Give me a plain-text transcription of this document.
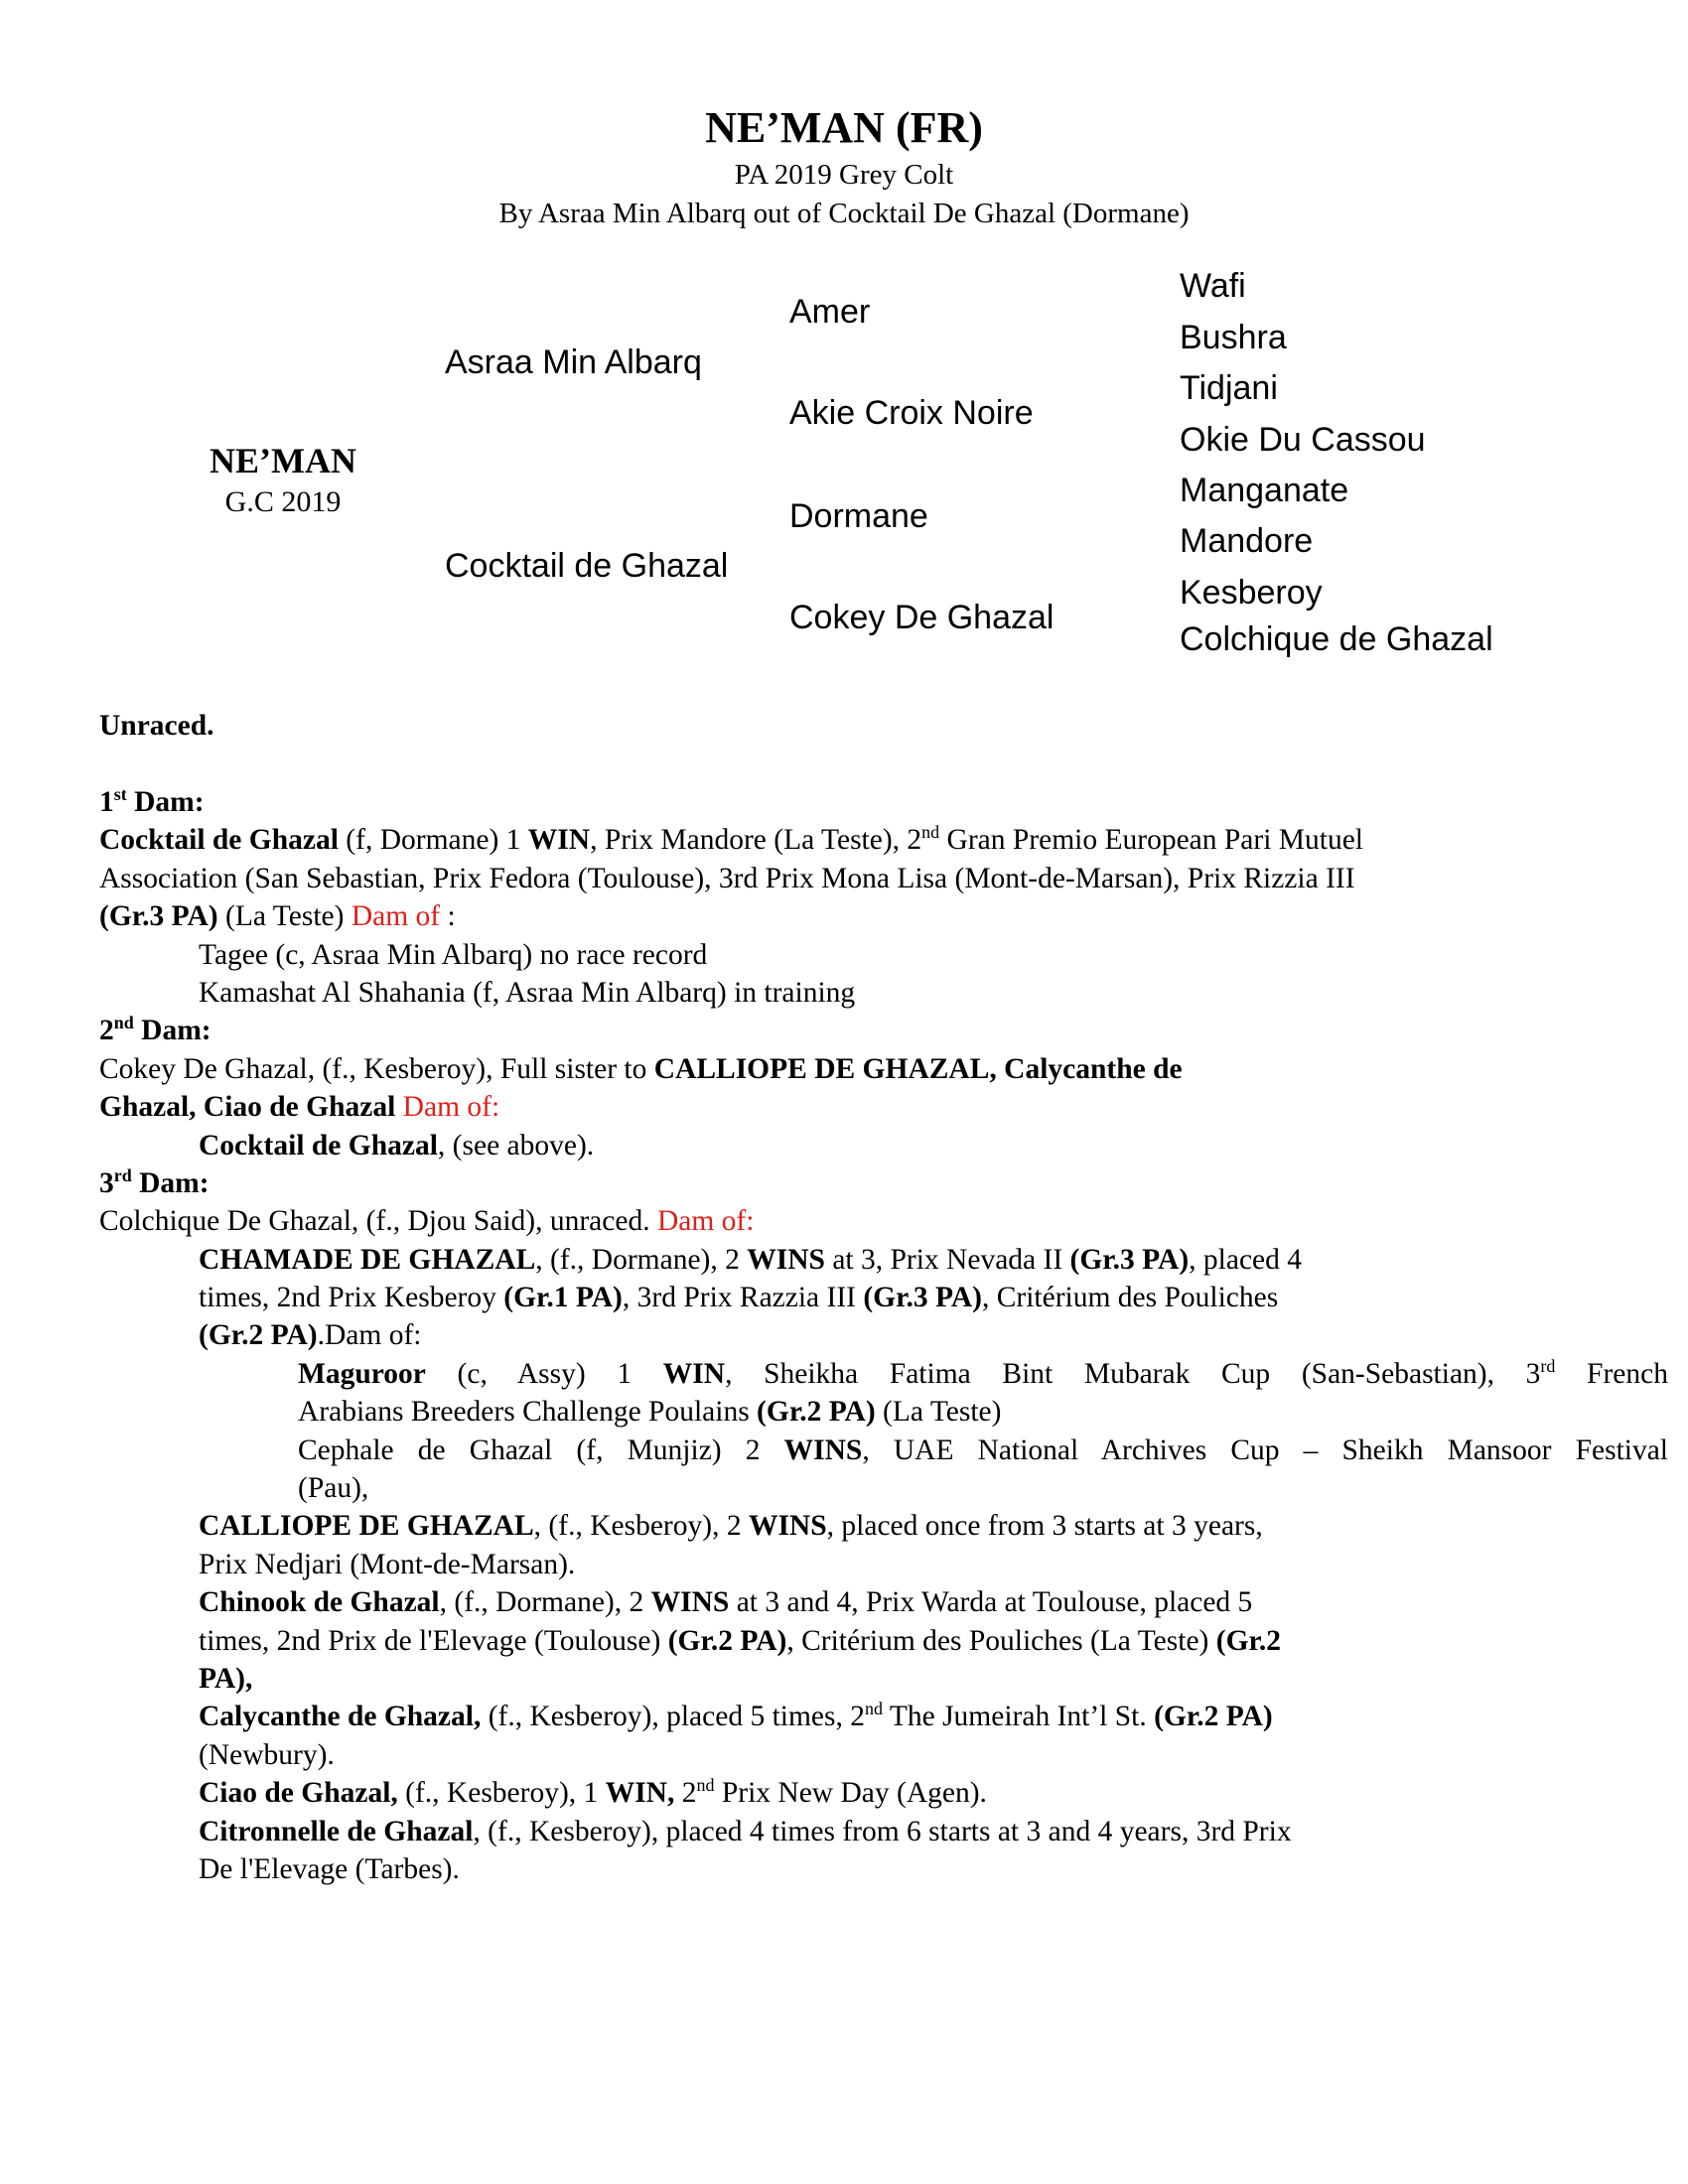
NE’MAN (FR)
PA 2019 Grey Colt
By Asraa Min Albarq out of Cocktail De Ghazal (Dormane)
NE’MAN
G.C 2019
Asraa Min Albarq
Cocktail de Ghazal
Amer
Akie Croix Noire
Dormane
Cokey De Ghazal
Wafi
Bushra
Tidjani
Okie Du Cassou
Manganate
Mandore
Kesberoy
Colchique de Ghazal
Unraced.
1st Dam:
Cocktail de Ghazal (f, Dormane) 1 WIN, Prix Mandore (La Teste), 2nd Gran Premio European Pari Mutuel
Association (San Sebastian, Prix Fedora (Toulouse), 3rd Prix Mona Lisa (Mont-de-Marsan), Prix Rizzia III
(Gr.3 PA) (La Teste) Dam of :
Tagee (c, Asraa Min Albarq) no race record
Kamashat Al Shahania (f, Asraa Min Albarq) in training
2nd Dam:
Cokey De Ghazal, (f., Kesberoy), Full sister to CALLIOPE DE GHAZAL, Calycanthe de
Ghazal, Ciao de Ghazal Dam of:
Cocktail de Ghazal, (see above).
3rd Dam:
Colchique De Ghazal, (f., Djou Said), unraced. Dam of:
CHAMADE DE GHAZAL, (f., Dormane), 2 WINS at 3, Prix Nevada II (Gr.3 PA), placed 4
times, 2nd Prix Kesberoy (Gr.1 PA), 3rd Prix Razzia III (Gr.3 PA), Critérium des Pouliches
(Gr.2 PA).Dam of:
Maguroor (c, Assy) 1 WIN, Sheikha Fatima Bint Mubarak Cup (San-Sebastian), 3rd French
Arabians Breeders Challenge Poulains (Gr.2 PA) (La Teste)
Cephale de Ghazal (f, Munjiz) 2 WINS, UAE National Archives Cup – Sheikh Mansoor Festival
(Pau),
CALLIOPE DE GHAZAL, (f., Kesberoy), 2 WINS, placed once from 3 starts at 3 years,
Prix Nedjari (Mont-de-Marsan).
Chinook de Ghazal, (f., Dormane), 2 WINS at 3 and 4, Prix Warda at Toulouse, placed 5
times, 2nd Prix de l'Elevage (Toulouse) (Gr.2 PA), Critérium des Pouliches (La Teste) (Gr.2
PA),
Calycanthe de Ghazal, (f., Kesberoy), placed 5 times, 2nd The Jumeirah Int’l St. (Gr.2 PA)
(Newbury).
Ciao de Ghazal, (f., Kesberoy), 1 WIN, 2nd Prix New Day (Agen).
Citronnelle de Ghazal, (f., Kesberoy), placed 4 times from 6 starts at 3 and 4 years, 3rd Prix
De l'Elevage (Tarbes).
